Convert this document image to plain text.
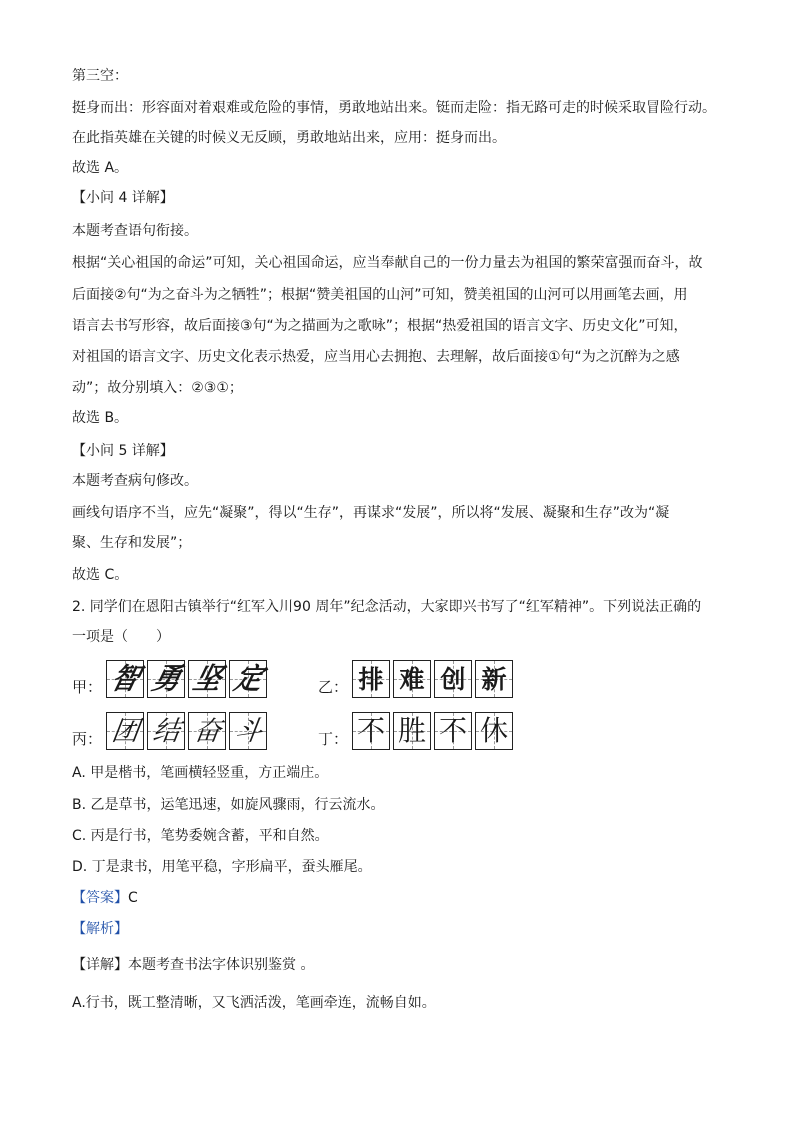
第三空：
挺身而出：形容面对着艰难或危险的事情，勇敢地站出来。铤而走险：指无路可走的时候采取冒险行动。
在此指英雄在关键的时候义无反顾，勇敢地站出来，应用：挺身而出。
故选 A。
【小问 4 详解】
本题考查语句衔接。
根据“关心祖国的命运”可知，关心祖国命运，应当奉献自己的一份力量去为祖国的繁荣富强而奋斗，故
后面接②句“为之奋斗为之牺牲”；根据“赞美祖国的山河”可知，赞美祖国的山河可以用画笔去画，用
语言去书写形容，故后面接③句“为之描画为之歌咏”；根据“热爱祖国的语言文字、历史文化”可知，
对祖国的语言文字、历史文化表示热爱，应当用心去拥抱、去理解，故后面接①句“为之沉醉为之感
动”；故分别填入：②③①；
故选 B。
【小问 5 详解】
本题考查病句修改。
画线句语序不当，应先“凝聚”，得以“生存”，再谋求“发展”，所以将“发展、凝聚和生存”改为“凝
聚、生存和发展”；
故选 C。
2. 同学们在恩阳古镇举行“红军入川90 周年”纪念活动，大家即兴书写了“红军精神”。下列说法正确的
一项是（　　）
甲： 智 勇 坚 定	乙： 排 难 创 新
丙： 团 结 奋 斗	丁： 不 胜 不 休
A. 甲是楷书，笔画横轻竖重，方正端庄。
B. 乙是草书，运笔迅速，如旋风骤雨，行云流水。
C. 丙是行书，笔势委婉含蓄，平和自然。
D. 丁是隶书，用笔平稳，字形扁平，蚕头雁尾。
【答案】C
【解析】
【详解】本题考查书法字体识别鉴赏 。
A.行书，既工整清晰，又飞洒活泼，笔画牵连，流畅自如。
